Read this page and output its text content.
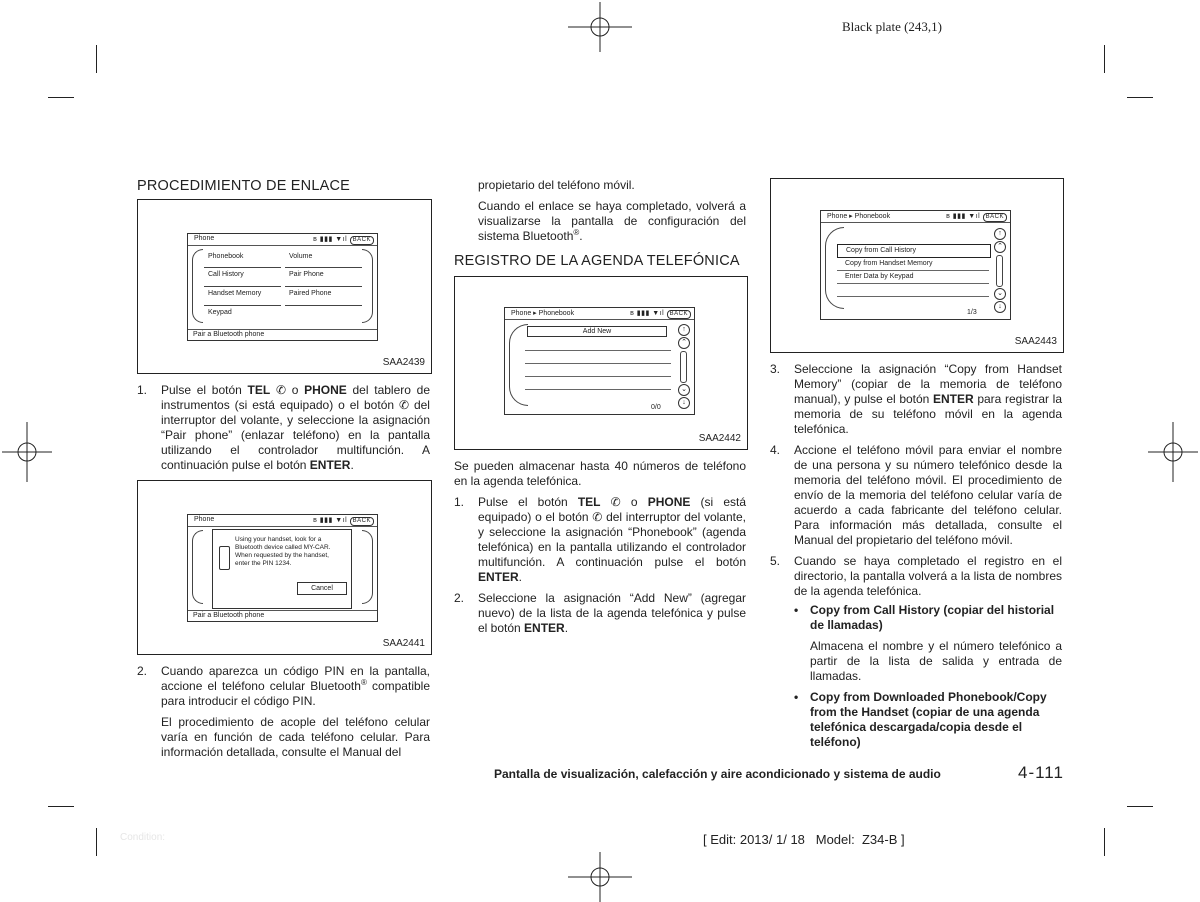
Black plate (243,1)
PROCEDIMIENTO DE ENLACE
Phone	ʙ ▮▮▮ ▼ıl BACK
Phonebook	Volume
Call History	Pair Phone
Handset Memory	Paired Phone
Keypad
Pair a Bluetooth phone
SAA2439
1. Pulse el botón TEL ✆ o PHONE del tablero de instrumentos (si está equipado) o el botón ✆ del interruptor del volante, y seleccione la asignación “Pair phone” (enlazar teléfono) en la pantalla utilizando el controlador multifunción. A continuación pulse el botón ENTER.
Phone	ʙ ▮▮▮ ▼ıl BACK
Using your handset, look for a
Bluetooth device called MY-CAR.
When requested by the handset,
enter the PIN 1234.
Cancel
Pair a Bluetooth phone
SAA2441
2. Cuando aparezca un código PIN en la pantalla, accione el teléfono celular Bluetooth® compatible para introducir el código PIN.

El procedimiento de acople del teléfono celular varía en función de cada teléfono celular. Para información detallada, consulte el Manual del

propietario del teléfono móvil.

Cuando el enlace se haya completado, volverá a visualizarse la pantalla de configuración del sistema Bluetooth®.

REGISTRO DE LA AGENDA TELEFÓNICA
Phone ▸ Phonebook	ʙ ▮▮▮ ▼ıl BACK
Add New	↑
⌃
⌄
↓
0/0
SAA2442

Se pueden almacenar hasta 40 números de teléfono en la agenda telefónica.

1. Pulse el botón TEL ✆ o PHONE (si está equipado) o el botón ✆ del interruptor del volante, y seleccione la asignación “Phonebook” (agenda telefónica) en la pantalla utilizando el controlador multifunción. A continuación pulse el botón ENTER.
2. Seleccione la asignación “Add New” (agregar nuevo) de la lista de la agenda telefónica y pulse el botón ENTER.
Phone ▸ Phonebook	ʙ ▮▮▮ ▼ıl BACK
Copy from Call History
Copy from Handset Memory
Enter Data by Keypad
↑
⌃
⌄
↓
1/3
SAA2443
3. Seleccione la asignación “Copy from Handset Memory” (copiar de la memoria de teléfono manual), y pulse el botón ENTER para registrar la memoria de su teléfono móvil en la agenda telefónica.
4. Accione el teléfono móvil para enviar el nombre de una persona y su número telefónico desde la memoria del teléfono móvil. El procedimiento de envío de la memoria del teléfono celular varía de acuerdo a cada fabricante del teléfono celular. Para información más detallada, consulte el Manual del propietario del teléfono móvil.
5. Cuando se haya completado el registro en el directorio, la pantalla volverá a la lista de nombres de la agenda telefónica.
• Copy from Call History (copiar del historial de llamadas)

Almacena el nombre y el número telefónico a partir de la lista de salida y entrada de llamadas.

• Copy from Downloaded Phonebook/Copy from the Handset (copiar de una agenda telefónica descargada/copia desde el teléfono)
Pantalla de visualización, calefacción y aire acondicionado y sistema de audio	4-111
Condition:	[ Edit: 2013/ 1/ 18   Model:  Z34-B ]
